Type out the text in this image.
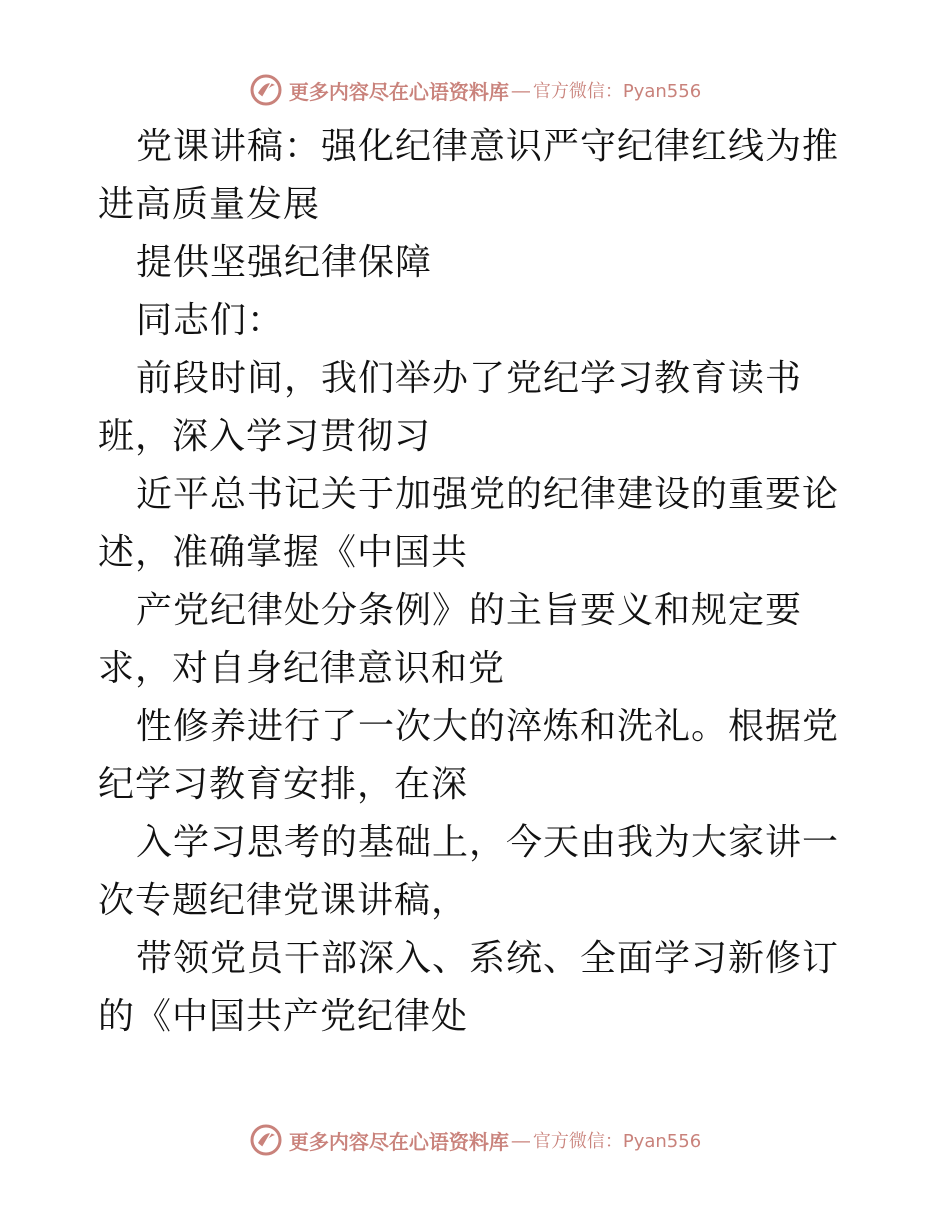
更多内容尽在心语资料库 — 官方微信：Pyan556

党课讲稿：强化纪律意识严守纪律红线为推进高质量发展

提供坚强纪律保障

同志们：

前段时间，我们举办了党纪学习教育读书班，深入学习贯彻习

近平总书记关于加强党的纪律建设的重要论述，准确掌握《中国共

产党纪律处分条例》的主旨要义和规定要求，对自身纪律意识和党

性修养进行了一次大的淬炼和洗礼。根据党纪学习教育安排，在深

入学习思考的基础上，今天由我为大家讲一次专题纪律党课讲稿，

带领党员干部深入、系统、全面学习新修订的《中国共产党纪律处

更多内容尽在心语资料库 — 官方微信：Pyan556
